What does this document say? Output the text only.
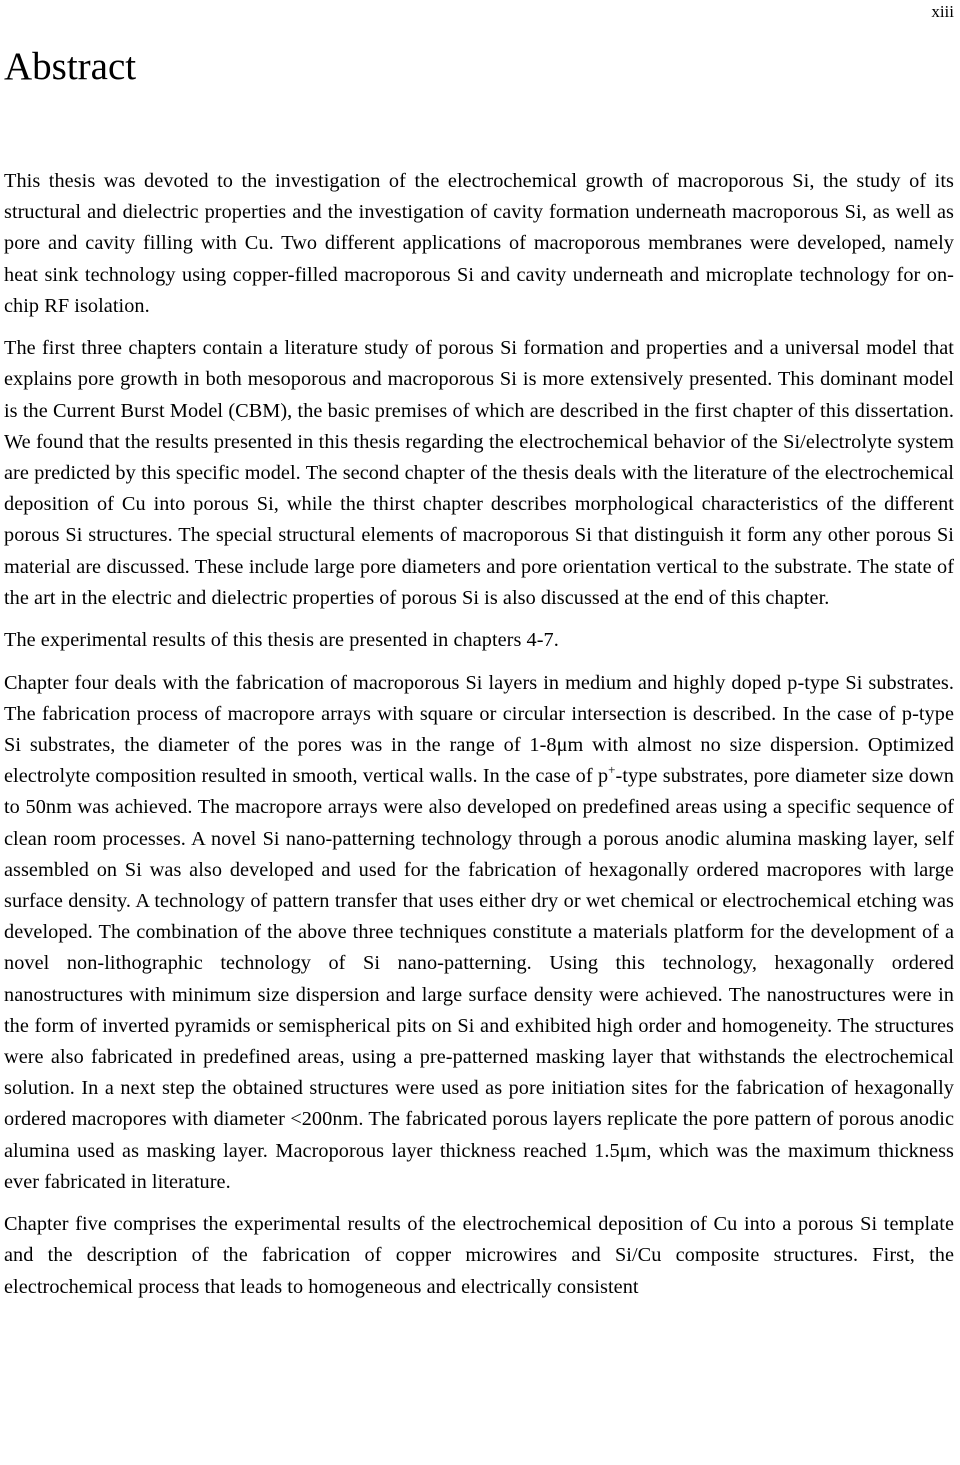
xiii
Abstract

This thesis was devoted to the investigation of the electrochemical growth of macroporous Si, the study of its structural and dielectric properties and the investigation of cavity formation underneath macroporous Si, as well as pore and cavity filling with Cu. Two different applications of macroporous membranes were developed, namely heat sink technology using copper-filled macroporous Si and cavity underneath and microplate technology for on-chip RF isolation.

The first three chapters contain a literature study of porous Si formation and properties and a universal model that explains pore growth in both mesoporous and macroporous Si is more extensively presented. This dominant model is the Current Burst Model (CBM), the basic premises of which are described in the first chapter of this dissertation. We found that the results presented in this thesis regarding the electrochemical behavior of the Si/electrolyte system are predicted by this specific model. The second chapter of the thesis deals with the literature of the electrochemical deposition of Cu into porous Si, while the thirst chapter describes morphological characteristics of the different porous Si structures. The special structural elements of macroporous Si that distinguish it form any other porous Si material are discussed. These include large pore diameters and pore orientation vertical to the substrate. The state of the art in the electric and dielectric properties of porous Si is also discussed at the end of this chapter.

The experimental results of this thesis are presented in chapters 4-7.

Chapter four deals with the fabrication of macroporous Si layers in medium and highly doped p-type Si substrates. The fabrication process of macropore arrays with square or circular intersection is described. In the case of p-type Si substrates, the diameter of the pores was in the range of 1-8μm with almost no size dispersion. Optimized electrolyte composition resulted in smooth, vertical walls. In the case of p+-type substrates, pore diameter size down to 50nm was achieved. The macropore arrays were also developed on predefined areas using a specific sequence of clean room processes. A novel Si nano-patterning technology through a porous anodic alumina masking layer, self assembled on Si was also developed and used for the fabrication of hexagonally ordered macropores with large surface density. A technology of pattern transfer that uses either dry or wet chemical or electrochemical etching was developed. The combination of the above three techniques constitute a materials platform for the development of a novel non-lithographic technology of Si nano-patterning. Using this technology, hexagonally ordered nanostructures with minimum size dispersion and large surface density were achieved. The nanostructures were in the form of inverted pyramids or semispherical pits on Si and exhibited high order and homogeneity. The structures were also fabricated in predefined areas, using a pre-patterned masking layer that withstands the electrochemical solution. In a next step the obtained structures were used as pore initiation sites for the fabrication of hexagonally ordered macropores with diameter <200nm. The fabricated porous layers replicate the pore pattern of porous anodic alumina used as masking layer. Macroporous layer thickness reached 1.5μm, which was the maximum thickness ever fabricated in literature.

Chapter five comprises the experimental results of the electrochemical deposition of Cu into a porous Si template and the description of the fabrication of copper microwires and Si/Cu composite structures. First, the electrochemical process that leads to homogeneous and electrically consistent
